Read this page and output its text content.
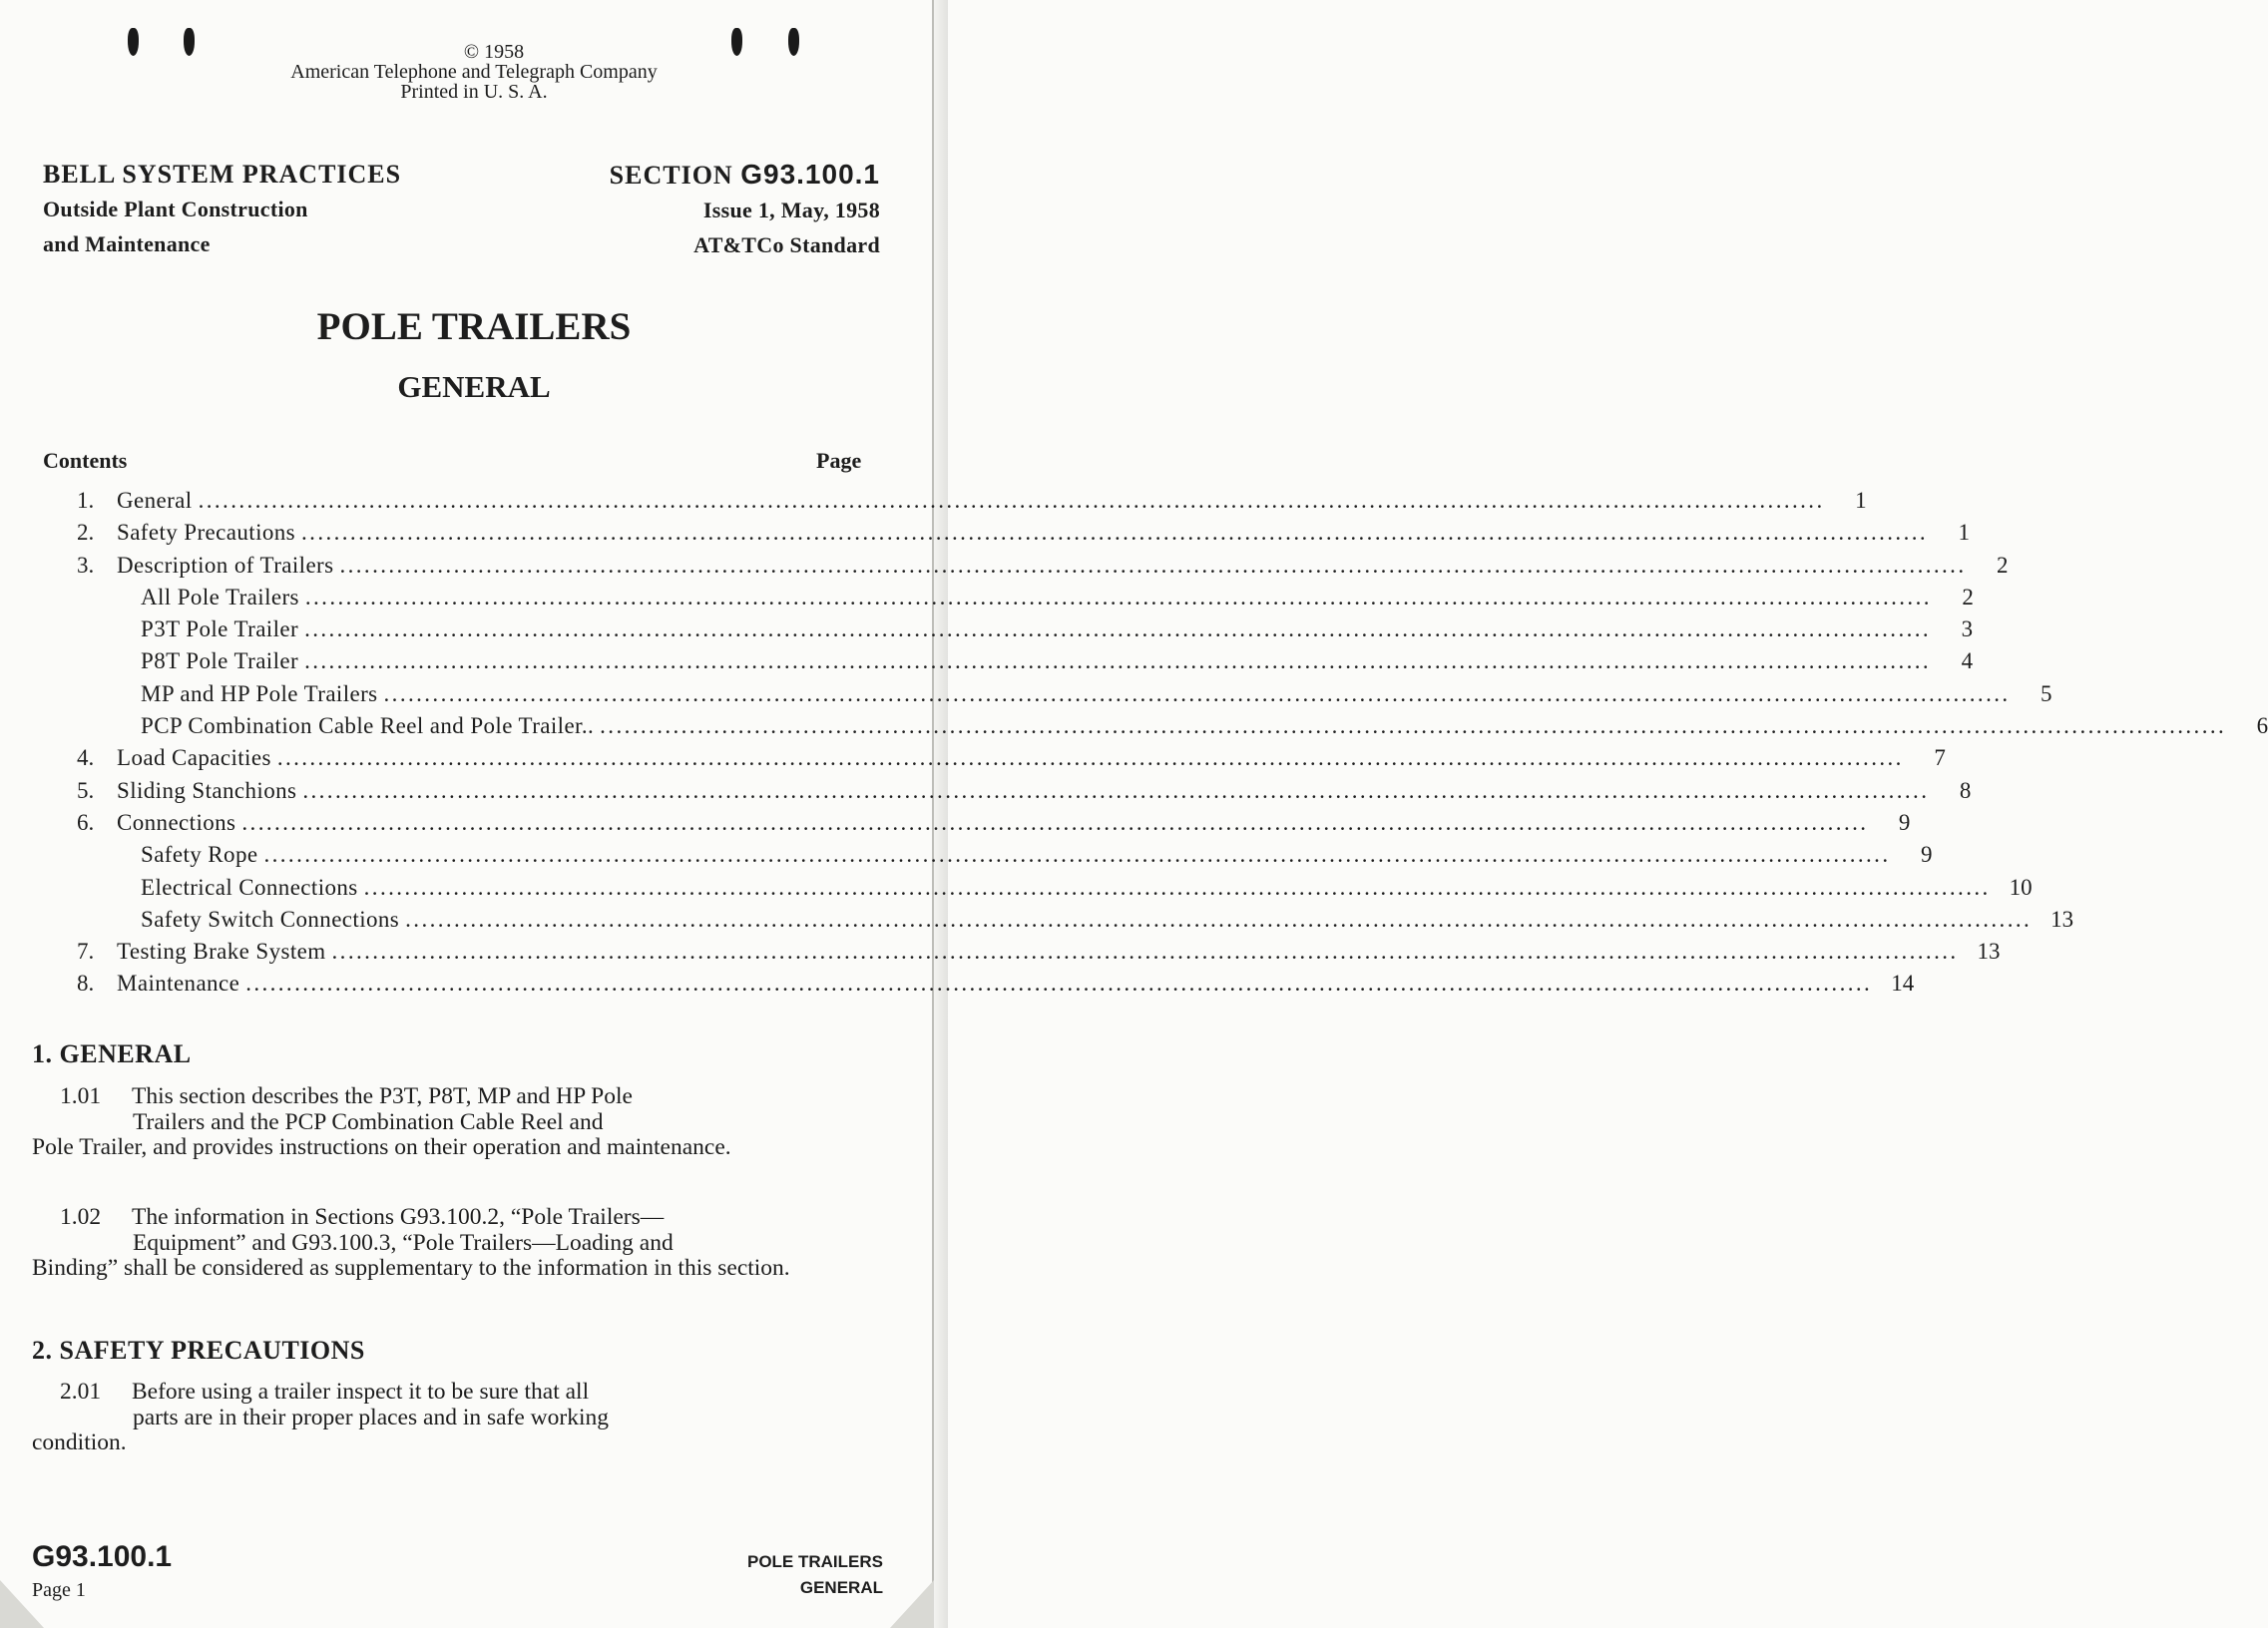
© 1958
American Telephone and Telegraph Company
Printed in U. S. A.
BELL SYSTEM PRACTICES
Outside Plant Construction
and Maintenance
SECTION G93.100.1
Issue 1, May, 1958
AT&TCo Standard
POLE TRAILERS
GENERAL
Contents	Page
1. General ........................................................................................................................................................................................................	1
2. Safety Precautions ........................................................................................................................................................................................................	1
3. Description of Trailers ........................................................................................................................................................................................................	2
All Pole Trailers ........................................................................................................................................................................................................	2
P3T Pole Trailer ........................................................................................................................................................................................................	3
P8T Pole Trailer ........................................................................................................................................................................................................	4
MP and HP Pole Trailers ........................................................................................................................................................................................................	5
PCP Combination Cable Reel and Pole Trailer.. ........................................................................................................................................................................................................	6
4. Load Capacities ........................................................................................................................................................................................................	7
5. Sliding Stanchions ........................................................................................................................................................................................................	8
6. Connections ........................................................................................................................................................................................................	9
Safety Rope ........................................................................................................................................................................................................	9
Electrical Connections ........................................................................................................................................................................................................ 10
Safety Switch Connections ........................................................................................................................................................................................................ 13
7. Testing Brake System ........................................................................................................................................................................................................ 13
8. Maintenance ........................................................................................................................................................................................................ 14
1. GENERAL
1.01 This section describes the P3T, P8T, MP and HP Pole
Trailers and the PCP Combination Cable Reel and
Pole Trailer, and provides instructions on their operation and maintenance.
1.02 The information in Sections G93.100.2, “Pole Trailers—
Equipment” and G93.100.3, “Pole Trailers—Loading and
Binding” shall be considered as supplementary to the information in this section.
2. SAFETY PRECAUTIONS
2.01 Before using a trailer inspect it to be sure that all
parts are in their proper places and in safe working
condition.
G93.100.1
Page 1
POLE TRAILERS
GENERAL
